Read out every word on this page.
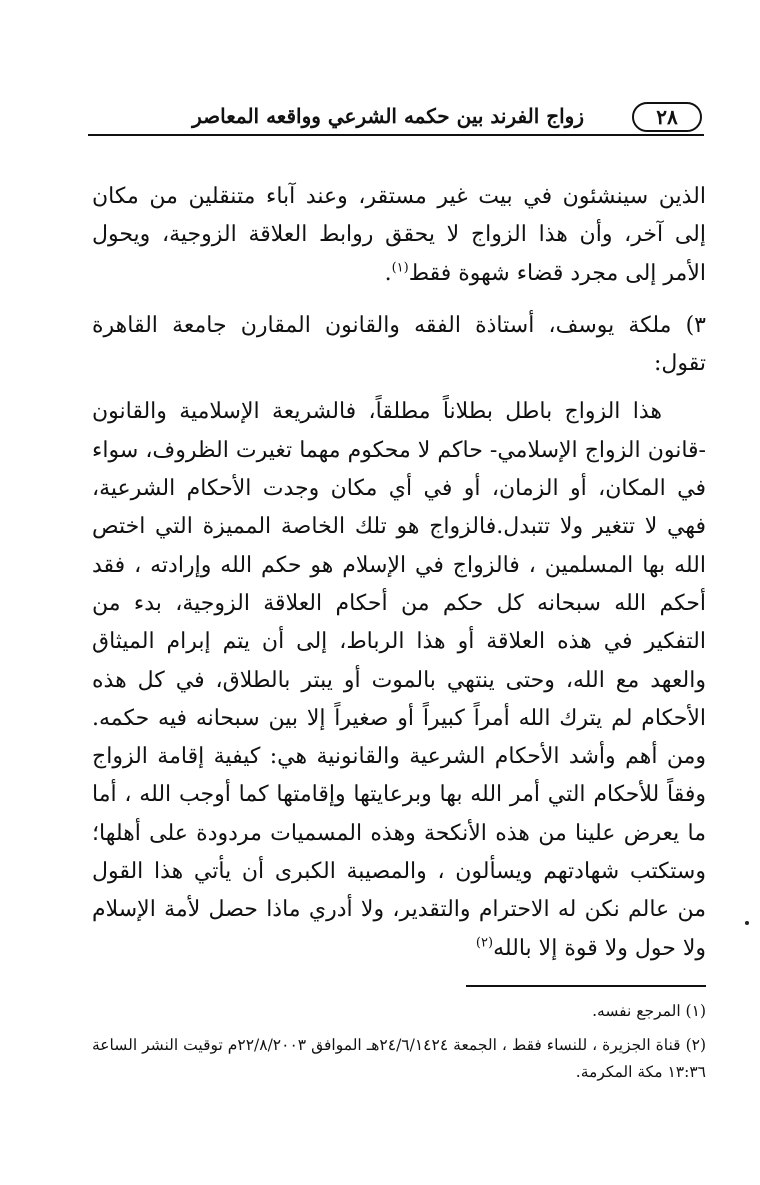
٢٨
زواج الفرند بين حكمه الشرعي وواقعه المعاصر

الذين سينشئون في بيت غير مستقر، وعند آباء متنقلين من مكان إلى آخر، وأن هذا الزواج لا يحقق روابط العلاقة الزوجية، ويحول الأمر إلى مجرد قضاء شهوة فقط$^{(١)}$.

٣) ملكة يوسف، أستاذة الفقه والقانون المقارن جامعة القاهرة تقول:

هذا الزواج باطل بطلاناً مطلقاً، فالشريعة الإسلامية والقانون -قانون الزواج الإسلامي- حاكم لا محكوم مهما تغيرت الظروف، سواء في المكان، أو الزمان، أو في أي مكان وجدت الأحكام الشرعية، فهي لا تتغير ولا تتبدل.فالزواج هو تلك الخاصة المميزة التي اختص الله بها المسلمين ، فالزواج في الإسلام هو حكم الله وإرادته ، فقد أحكم الله سبحانه كل حكم من أحكام العلاقة الزوجية، بدء من التفكير في هذه العلاقة أو هذا الرباط، إلى أن يتم إبرام الميثاق والعهد مع الله، وحتى ينتهي بالموت أو يبتر بالطلاق، في كل هذه الأحكام لم يترك الله أمراً كبيراً أو صغيراً إلا بين سبحانه فيه حكمه. ومن أهم وأشد الأحكام الشرعية والقانونية هي: كيفية إقامة الزواج وفقاً للأحكام التي أمر الله بها وبرعايتها وإقامتها كما أوجب الله ، أما ما يعرض علينا من هذه الأنكحة وهذه المسميات مردودة على أهلها؛ وستكتب شهادتهم ويسألون ، والمصيبة الكبرى أن يأتي هذا القول من عالم نكن له الاحترام والتقدير، ولا أدري ماذا حصل لأمة الإسلام ولا حول ولا قوة إلا بالله$^{(٢)}$

(١) المرجع نفسه.

(٢) قناة الجزيرة ، للنساء فقط ، الجمعة ٢٤/٦/١٤٢٤هـ الموافق ٢٢/٨/٢٠٠٣م توقيت النشر الساعة ١٣:٣٦ مكة المكرمة.
